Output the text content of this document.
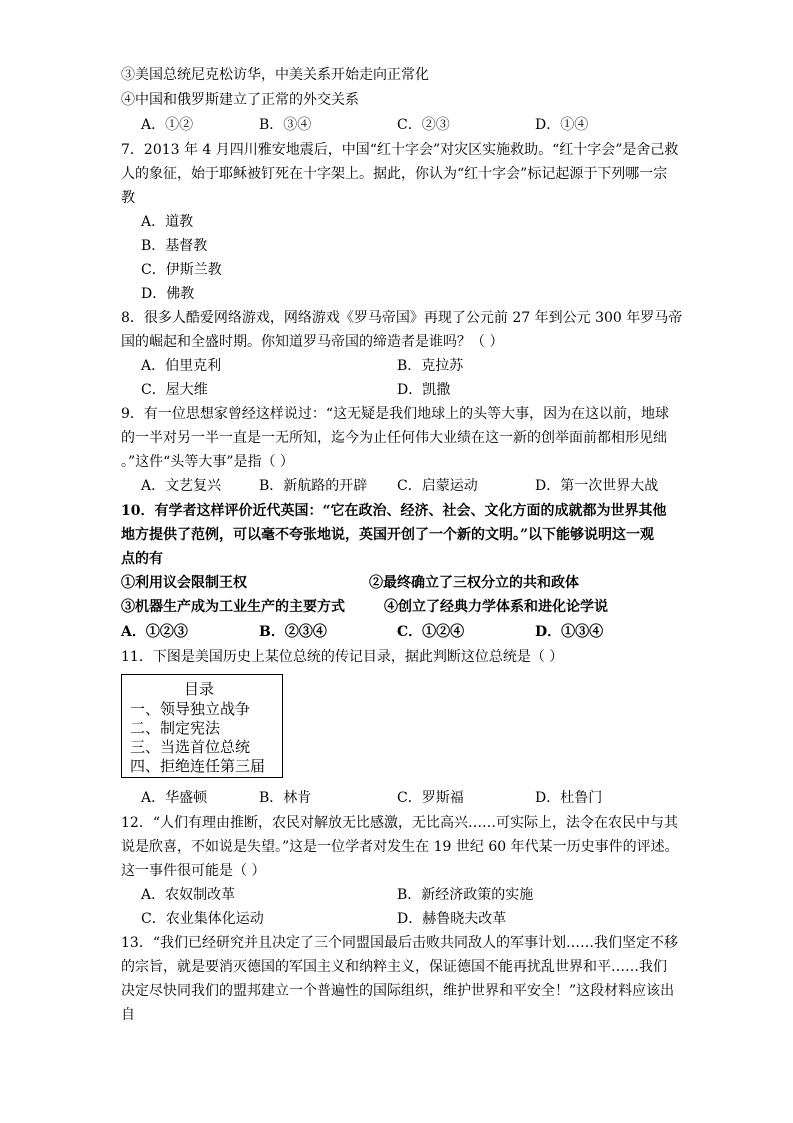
③美国总统尼克松访华，中美关系开始走向正常化
④中国和俄罗斯建立了正常的外交关系
A．①②	B．③④	C．②③	D．①④
7．2013 年 4 月四川雅安地震后，中国“红十字会”对灾区实施救助。“红十字会”是舍己救
人的象征，始于耶稣被钉死在十字架上。据此，你认为“红十字会”标记起源于下列哪一宗
教
A．道教
B．基督教
C．伊斯兰教
D．佛教
8．很多人酷爱网络游戏，网络游戏《罗马帝国》再现了公元前 27 年到公元 300 年罗马帝
国的崛起和全盛时期。你知道罗马帝国的缔造者是谁吗？（ ）
A．伯里克利	B．克拉苏
C．屋大维	D．凯撒
9．有一位思想家曾经这样说过：“这无疑是我们地球上的头等大事，因为在这以前，地球
的一半对另一半一直是一无所知，迄今为止任何伟大业绩在这一新的创举面前都相形见绌
。”这件“头等大事”是指（ ）
A．文艺复兴	B．新航路的开辟 C．启蒙运动	D．第一次世界大战
10．有学者这样评价近代英国：“它在政治、经济、社会、文化方面的成就都为世界其他
地方提供了范例，可以毫不夸张地说，英国开创了一个新的文明。”以下能够说明这一观
点的有
①利用议会限制王权	②最终确立了三权分立的共和政体
③机器生产成为工业生产的主要方式	④创立了经典力学体系和进化论学说
A．①②③	B．②③④	C．①②④	D．①③④
11．下图是美国历史上某位总统的传记目录，据此判断这位总统是（ ）
目录
一、领导独立战争
二、制定宪法
三、当选首位总统
四、拒绝连任第三届
A．华盛顿	B．林肯	C．罗斯福	D．杜鲁门
12．“人们有理由推断，农民对解放无比感激，无比高兴……可实际上，法令在农民中与其
说是欣喜，不如说是失望。”这是一位学者对发生在 19 世纪 60 年代某一历史事件的评述。
这一事件很可能是（ ）
A．农奴制改革	B．新经济政策的实施
C．农业集体化运动	D．赫鲁晓夫改革
13．“我们已经研究并且决定了三个同盟国最后击败共同敌人的军事计划……我们坚定不移
的宗旨，就是要消灭德国的军国主义和纳粹主义，保证德国不能再扰乱世界和平……我们
决定尽快同我们的盟邦建立一个普遍性的国际组织，维护世界和平安全！”这段材料应该出
自
